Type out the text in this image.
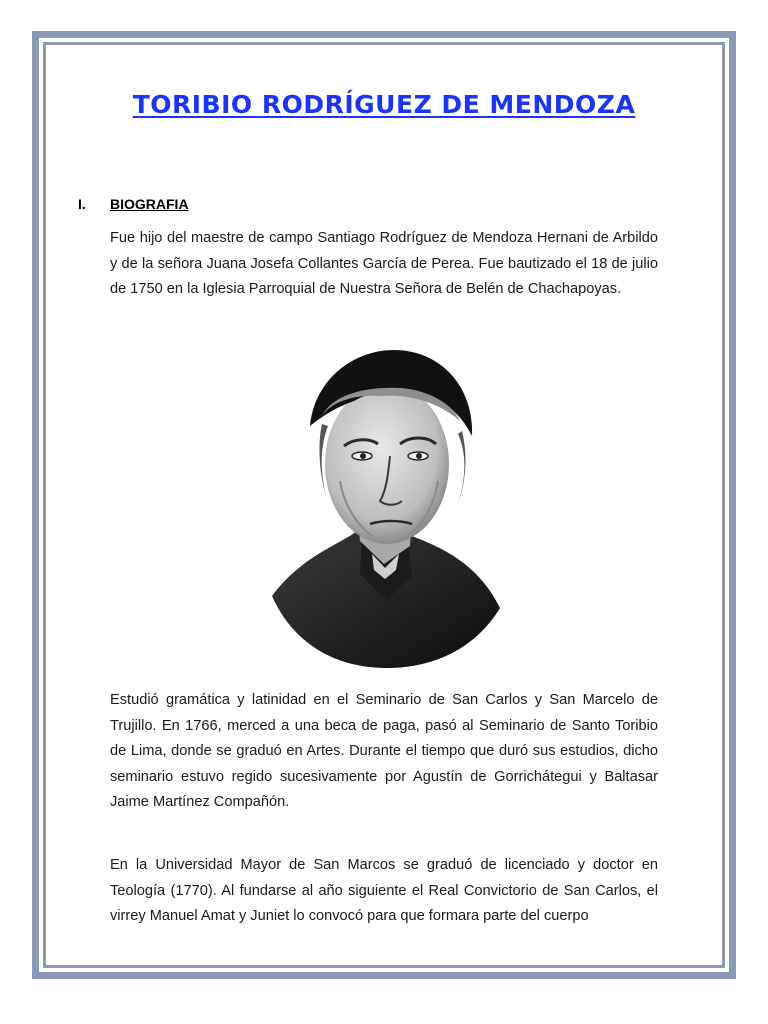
TORIBIO RODRÍGUEZ DE MENDOZA
I. BIOGRAFIA

Fue hijo del maestre de campo Santiago Rodríguez de Mendoza Hernani de Arbildo y de la señora Juana Josefa Collantes García de Perea. Fue bautizado el 18 de julio de 1750 en la Iglesia Parroquial de Nuestra Señora de Belén de Chachapoyas.

Estudió gramática y latinidad en el Seminario de San Carlos y San Marcelo de Trujillo. En 1766, merced a una beca de paga, pasó al Seminario de Santo Toribio de Lima, donde se graduó en Artes. Durante el tiempo que duró sus estudios, dicho seminario estuvo regido sucesivamente por Agustín de Gorrichátegui y Baltasar Jaime Martínez Compañón.

En la Universidad Mayor de San Marcos se graduó de licenciado y doctor en Teología (1770). Al fundarse al año siguiente el Real Convictorio de San Carlos, el virrey Manuel Amat y Juniet lo convocó para que formara parte del cuerpo
